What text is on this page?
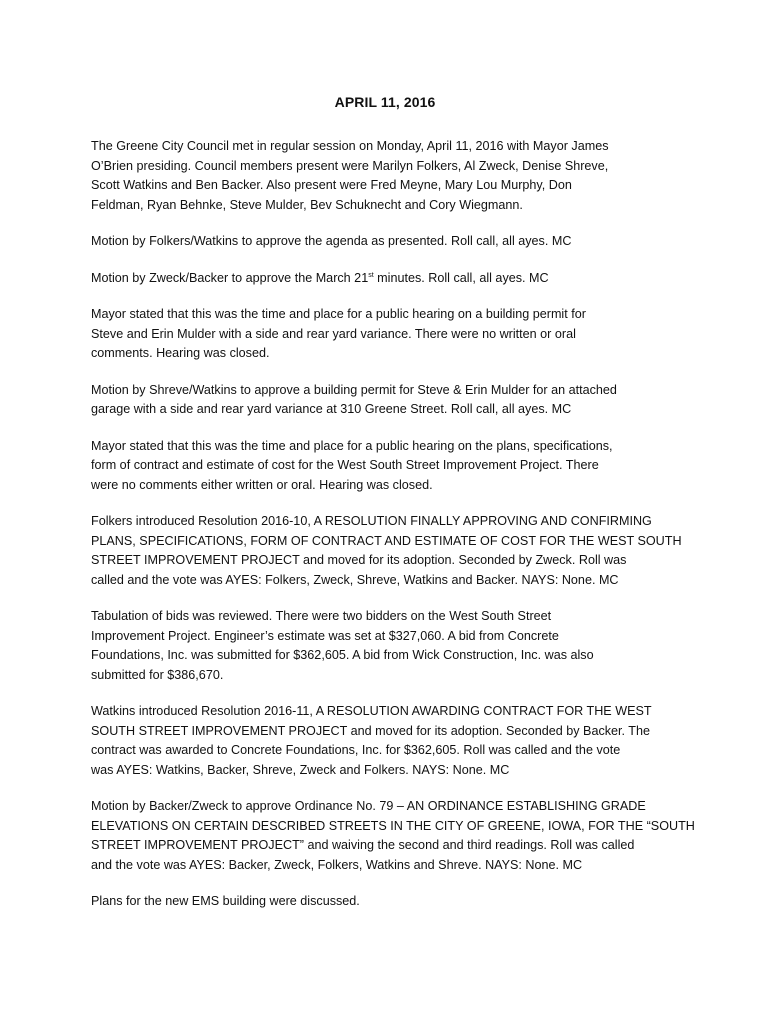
APRIL 11, 2016
The Greene City Council met in regular session on Monday, April 11, 2016 with Mayor James
O’Brien presiding. Council members present were Marilyn Folkers, Al Zweck, Denise Shreve,
Scott Watkins and Ben Backer. Also present were Fred Meyne, Mary Lou Murphy, Don
Feldman, Ryan Behnke, Steve Mulder, Bev Schuknecht and Cory Wiegmann.
Motion by Folkers/Watkins to approve the agenda as presented. Roll call, all ayes. MC
Motion by Zweck/Backer to approve the March 21st minutes. Roll call, all ayes. MC
Mayor stated that this was the time and place for a public hearing on a building permit for
Steve and Erin Mulder with a side and rear yard variance. There were no written or oral
comments. Hearing was closed.
Motion by Shreve/Watkins to approve a building permit for Steve & Erin Mulder for an attached
garage with a side and rear yard variance at 310 Greene Street. Roll call, all ayes. MC
Mayor stated that this was the time and place for a public hearing on the plans, specifications,
form of contract and estimate of cost for the West South Street Improvement Project. There
were no comments either written or oral. Hearing was closed.
Folkers introduced Resolution 2016-10, A RESOLUTION FINALLY APPROVING AND CONFIRMING
PLANS, SPECIFICATIONS, FORM OF CONTRACT AND ESTIMATE OF COST FOR THE WEST SOUTH
STREET IMPROVEMENT PROJECT and moved for its adoption. Seconded by Zweck. Roll was
called and the vote was AYES: Folkers, Zweck, Shreve, Watkins and Backer. NAYS: None. MC
Tabulation of bids was reviewed. There were two bidders on the West South Street
Improvement Project. Engineer’s estimate was set at $327,060. A bid from Concrete
Foundations, Inc. was submitted for $362,605. A bid from Wick Construction, Inc. was also
submitted for $386,670.
Watkins introduced Resolution 2016-11, A RESOLUTION AWARDING CONTRACT FOR THE WEST
SOUTH STREET IMPROVEMENT PROJECT and moved for its adoption. Seconded by Backer. The
contract was awarded to Concrete Foundations, Inc. for $362,605. Roll was called and the vote
was AYES: Watkins, Backer, Shreve, Zweck and Folkers. NAYS: None. MC
Motion by Backer/Zweck to approve Ordinance No. 79 – AN ORDINANCE ESTABLISHING GRADE
ELEVATIONS ON CERTAIN DESCRIBED STREETS IN THE CITY OF GREENE, IOWA, FOR THE “SOUTH
STREET IMPROVEMENT PROJECT” and waiving the second and third readings. Roll was called
and the vote was AYES: Backer, Zweck, Folkers, Watkins and Shreve. NAYS: None. MC
Plans for the new EMS building were discussed.
